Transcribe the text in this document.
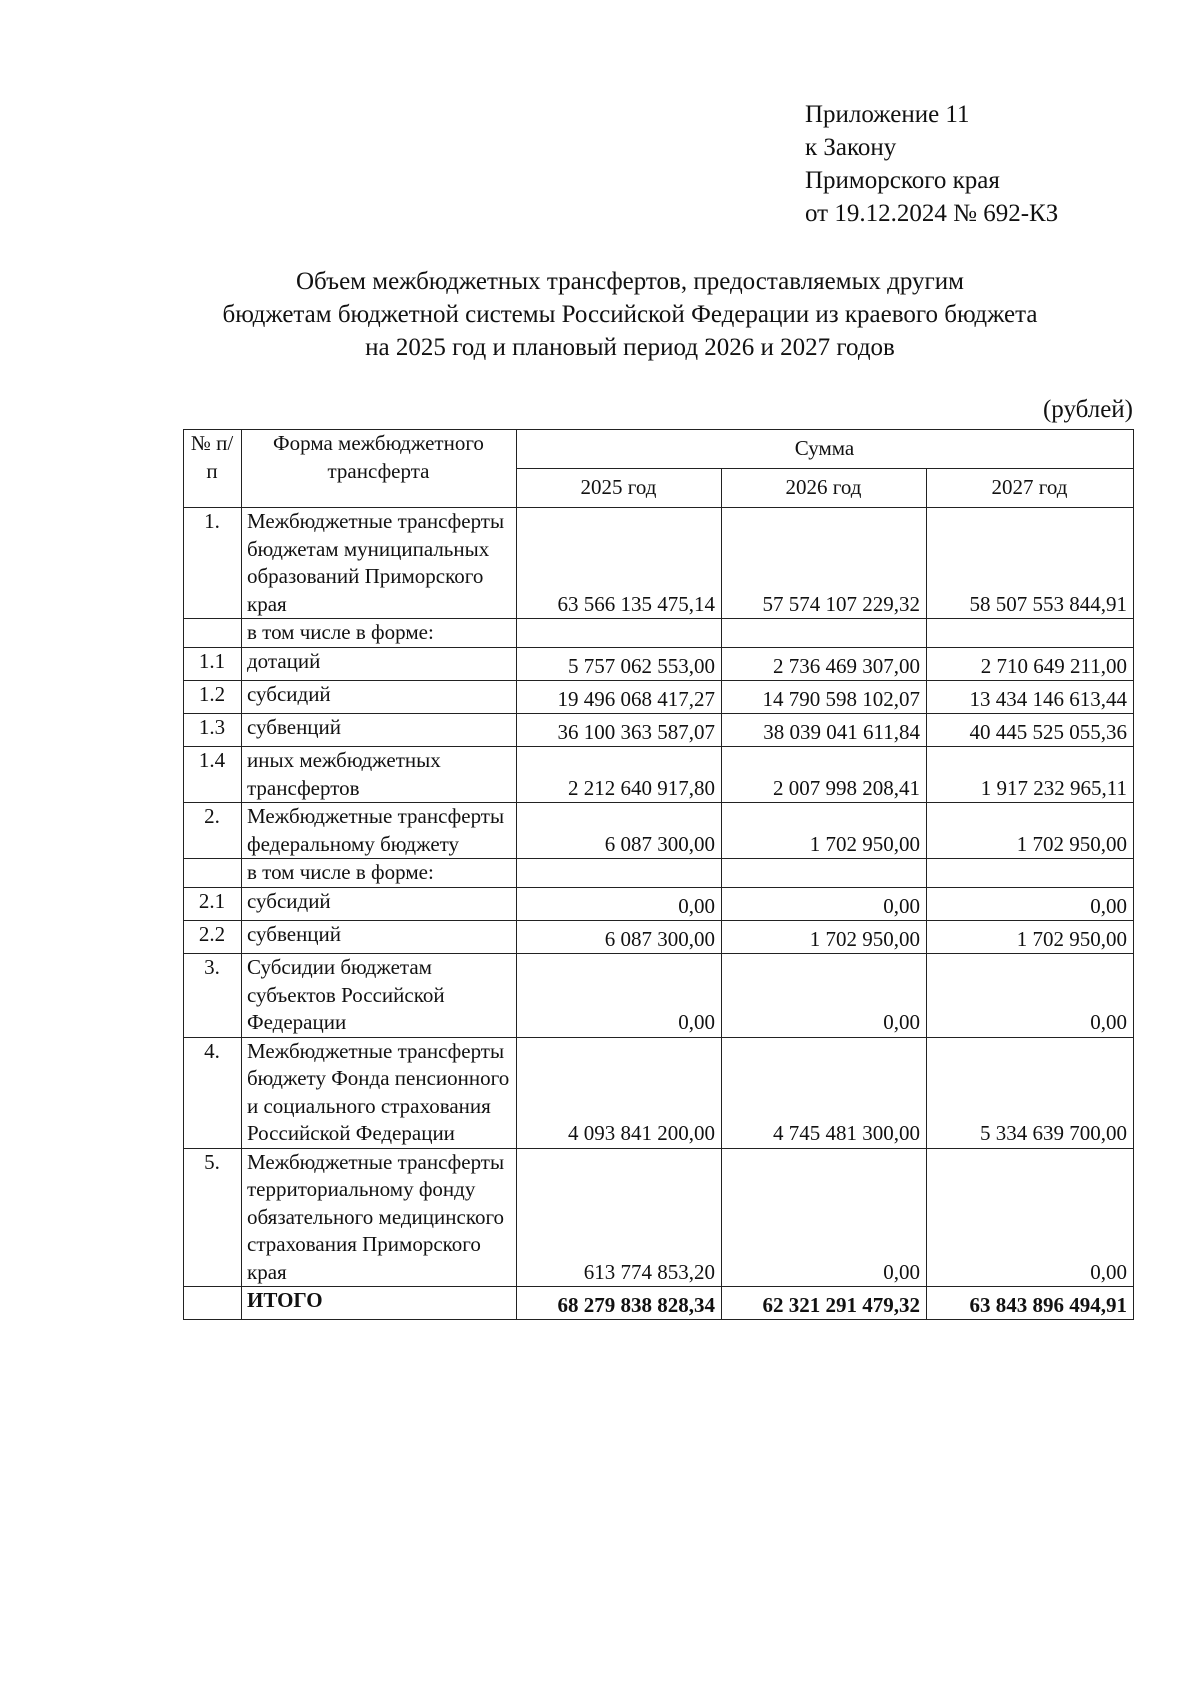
Приложение 11
к Закону
Приморского края
от 19.12.2024 № 692-КЗ
Объем межбюджетных трансфертов, предоставляемых другим
бюджетам бюджетной системы Российской Федерации из краевого бюджета
на 2025 год и плановый период 2026 и 2027 годов
(рублей)
№ п/п	Форма межбюджетного трансферта	Сумма		
		2025 год	2026 год	2027 год
1.	Межбюджетные трансферты бюджетам муниципальных образований Приморского края	63 566 135 475,14	57 574 107 229,32	58 507 553 844,91
	в том числе в форме:			
1.1	дотаций	5 757 062 553,00	2 736 469 307,00	2 710 649 211,00
1.2	субсидий	19 496 068 417,27	14 790 598 102,07	13 434 146 613,44
1.3	субвенций	36 100 363 587,07	38 039 041 611,84	40 445 525 055,36
1.4	иных межбюджетных трансфертов	2 212 640 917,80	2 007 998 208,41	1 917 232 965,11
2.	Межбюджетные трансферты федеральному бюджету	6 087 300,00	1 702 950,00	1 702 950,00
	в том числе в форме:			
2.1	субсидий	0,00	0,00	0,00
2.2	субвенций	6 087 300,00	1 702 950,00	1 702 950,00
3.	Субсидии бюджетам субъектов Российской Федерации	0,00	0,00	0,00
4.	Межбюджетные трансферты бюджету Фонда пенсионного и социального страхования Российской Федерации	4 093 841 200,00	4 745 481 300,00	5 334 639 700,00
5.	Межбюджетные трансферты территориальному фонду обязательного медицинского страхования Приморского края	613 774 853,20	0,00	0,00
	ИТОГО	68 279 838 828,34	62 321 291 479,32	63 843 896 494,91
